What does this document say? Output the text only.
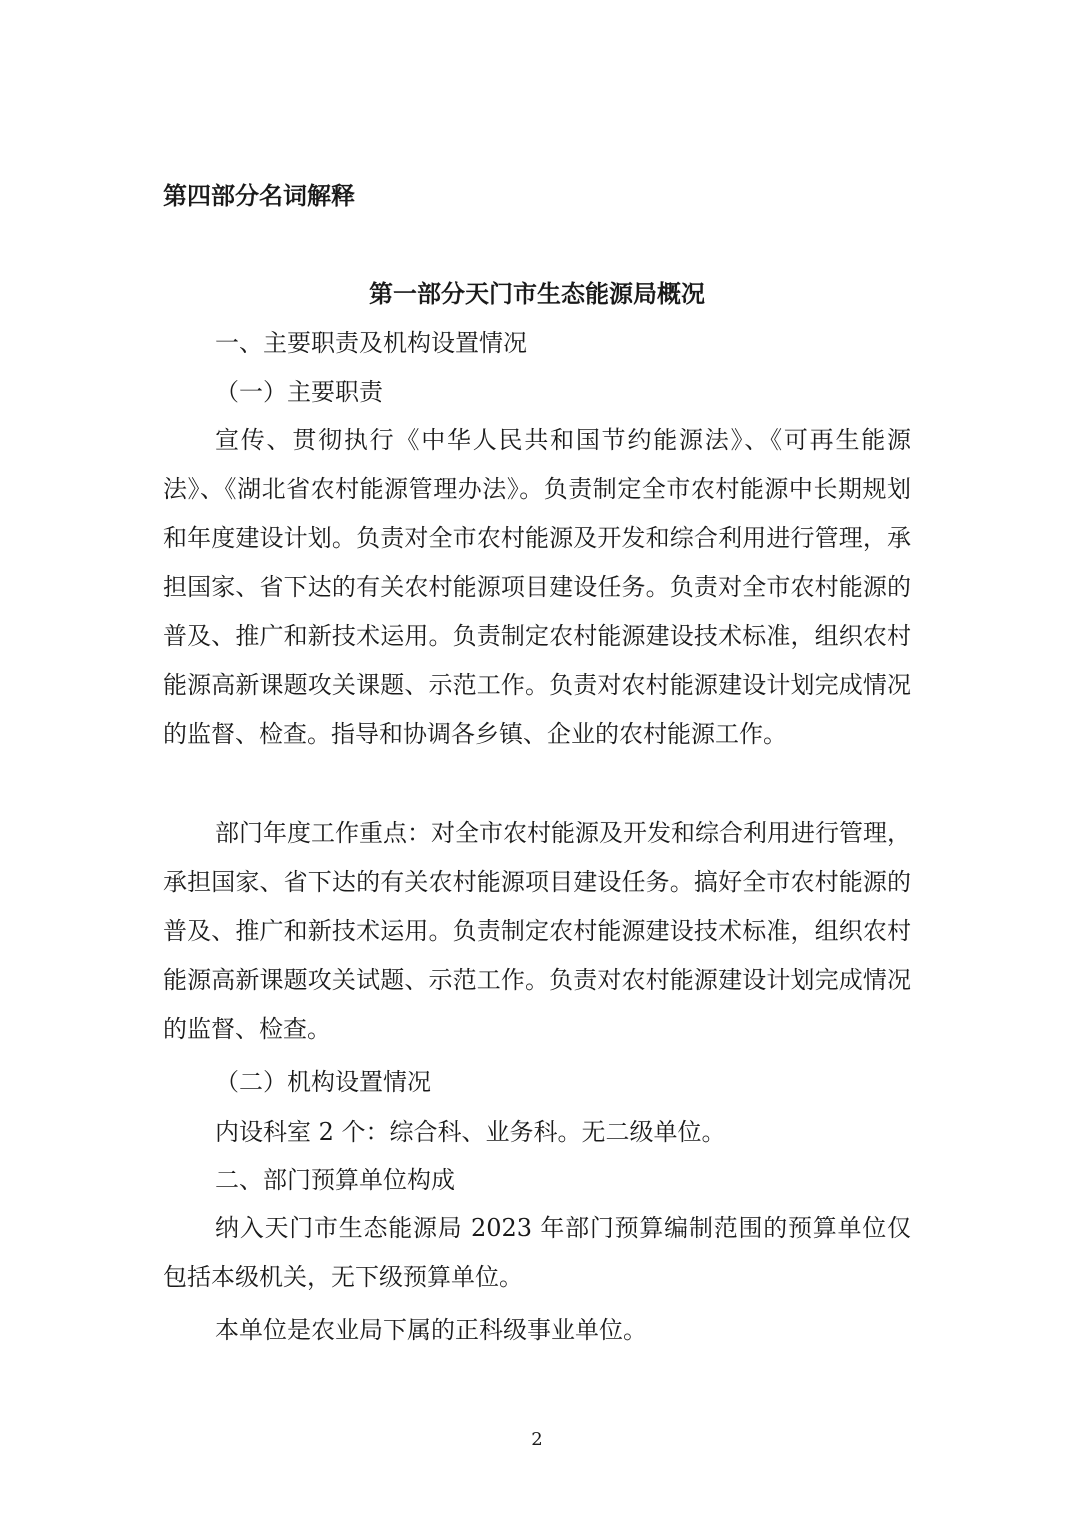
第四部分名词解释
第一部分天门市生态能源局概况

一、主要职责及机构设置情况

（一）主要职责

宣传、贯彻执行《中华人民共和国节约能源法》、《可再生能源法》、《湖北省农村能源管理办法》。负责制定全市农村能源中长期规划和年度建设计划。负责对全市农村能源及开发和综合利用进行管理，承担国家、省下达的有关农村能源项目建设任务。负责对全市农村能源的普及、推广和新技术运用。负责制定农村能源建设技术标准，组织农村能源高新课题攻关课题、示范工作。负责对农村能源建设计划完成情况的监督、检查。指导和协调各乡镇、企业的农村能源工作。

部门年度工作重点：对全市农村能源及开发和综合利用进行管理，承担国家、省下达的有关农村能源项目建设任务。搞好全市农村能源的普及、推广和新技术运用。负责制定农村能源建设技术标准，组织农村能源高新课题攻关试题、示范工作。负责对农村能源建设计划完成情况的监督、检查。

（二）机构设置情况

内设科室 2 个：综合科、业务科。无二级单位。

二、部门预算单位构成

纳入天门市生态能源局 2023 年部门预算编制范围的预算单位仅包括本级机关，无下级预算单位。

本单位是农业局下属的正科级事业单位。

2
